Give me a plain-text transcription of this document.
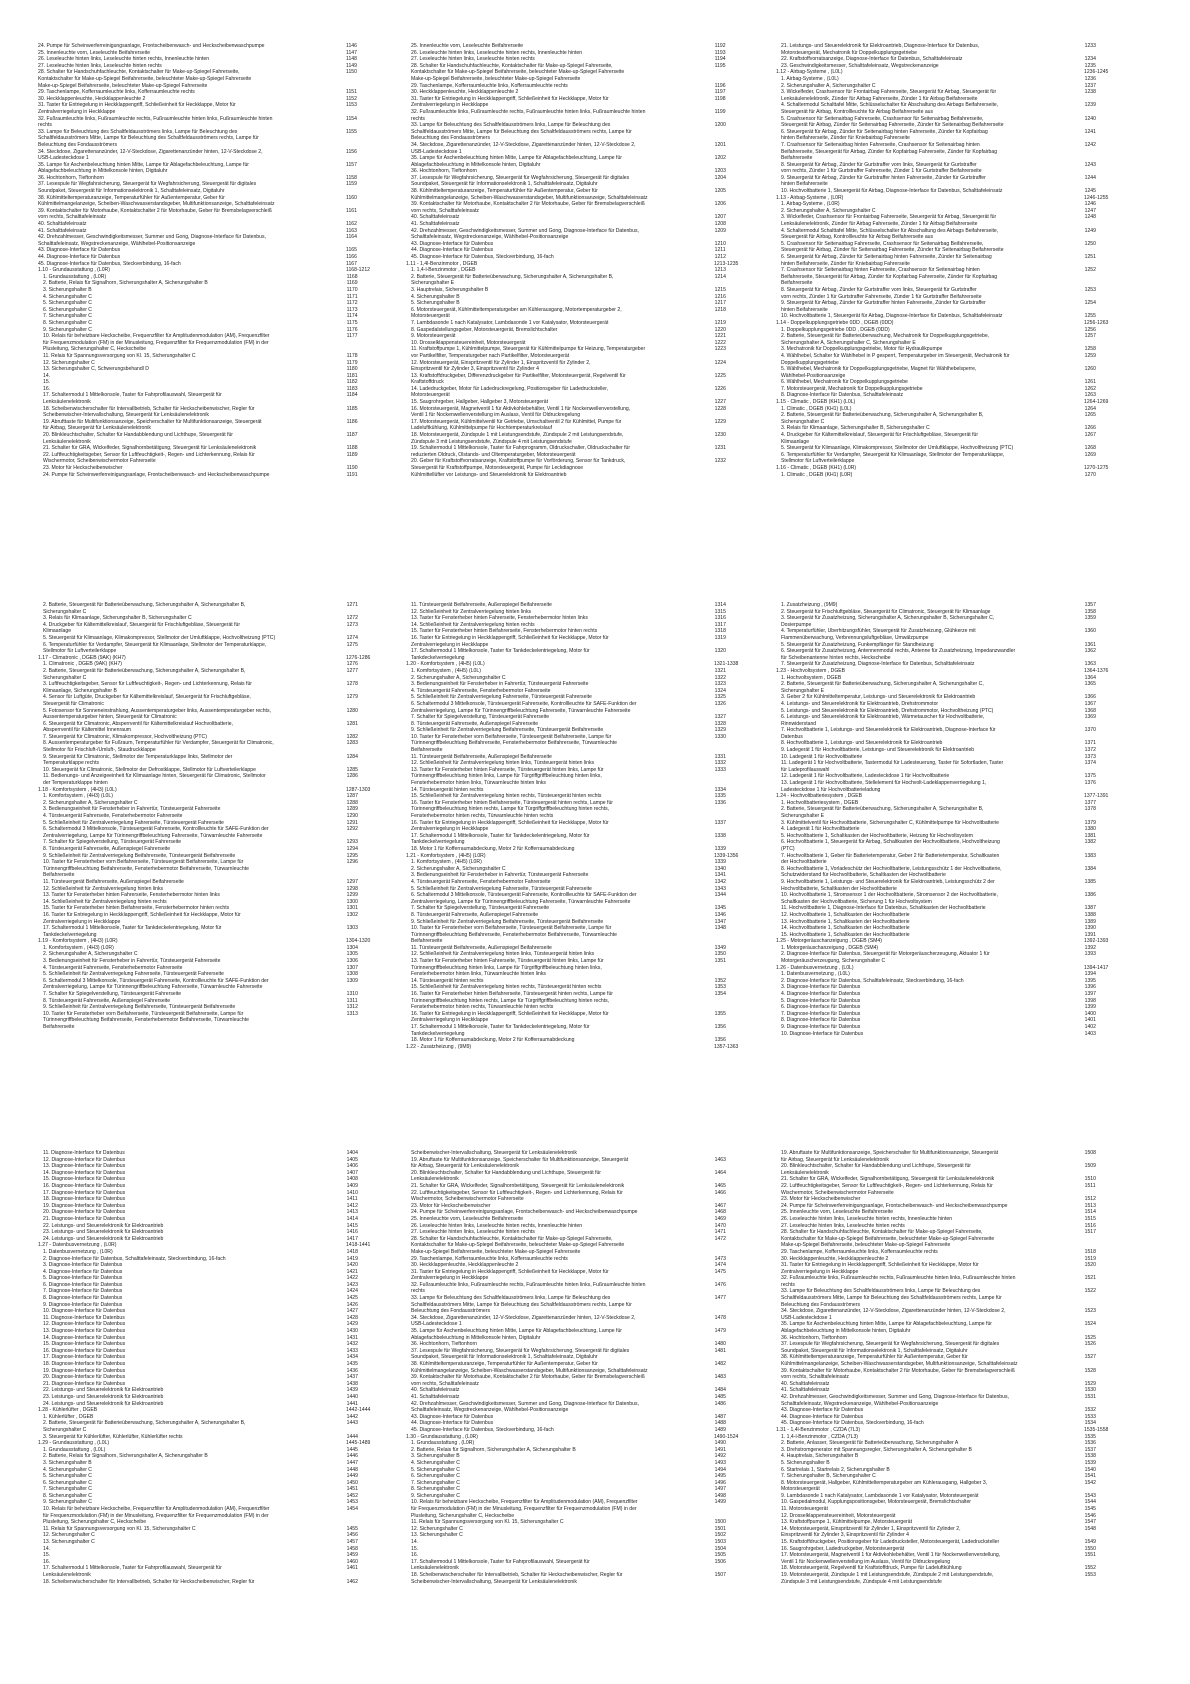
24. Pumpe für Scheinwerferreinigungsanlage, Frontscheibenwasch- und Heckscheibenwaschpumpe	1146
25. Innenleuchte vorn, Leseleuchte Beifahrerseite	1147
26. Leseleuchte hinten links, Leseleuchte hinten rechts, Innenleuchte hinten	1148
27. Leseleuchte hinten links, Leseleuchte hinten rechts	1149
28. Schalter für Handschuhfachleuchte, Kontaktschalter für Make-up-Spiegel Fahrerseite,	1150
Kontaktschalter für Make-up-Spiegel Beifahrerseite, beleuchteter Make-up-Spiegel Fahrerseite
Make-up-Spiegel Beifahrerseite, beleuchteter Make-up-Spiegel Fahrerseite
29. Taschenlampe, Kofferraumleuchte links, Kofferraumleuchte rechts	1151
30. Heckklappenleuchte, Heckklappenleuchte 2	1152
31. Taster für Entriegelung in Heckklappengriff, Schließeinheit für Heckklappe, Motor für	1153
Zentralverriegelung in Heckklappe
32. Fußraumleuchte links, Fußraumleuchte rechts, Fußraumleuchte hinten links, Fußraumleuchte hinten	1154
rechts
33. Lampe für Beleuchtung des Schaltfeldausströmers links, Lampe für Beleuchtung des	1155
Schaltfeldausströmers Mitte, Lampe für Beleuchtung des Schaltfeldausströmers rechts, Lampe für
Beleuchtung des Fondausströmers
34. Steckdose, Zigarettenanzünder, 12-V-Steckdose, Zigarettenanzünder hinten, 12-V-Steckdose 2,	1156
USB-Ladesteckdose 1
35. Lampe für Aschenbeleuchtung hinten Mitte, Lampe für Ablagefachbeleuchtung, Lampe für	1157
Ablagefachbeleuchtung in Mittelkonsole hinten, Digitaluhr
36. Hochtonhorn, Tieftonhorn	1158
37. Lesespule für Wegfahrsicherung, Steuergerät für Wegfahrsicherung, Steuergerät für digitales	1159
Soundpaket, Steuergerät für Informationselektronik 1, Schalttafeleinsatz, Digitaluhr
38. Kühlmitteltemperaturanzeige, Temperaturfühler für Außentemperatur, Geber für	1160
Kühlmittelmangelanzeige, Scheiben-Waschwasserstandsgeber, Multifunktionsanzeige, Schalttafeleinsatz
39. Kontaktschalter für Motorhaube, Kontaktschalter 2 für Motorhaube, Geber für Bremsbelagverschleiß	1161
vorn rechts, Schalttafeleinsatz
40. Schalttafeleinsatz	1162
41. Schalttafeleinsatz	1163
42. Drehzahlmesser, Geschwindigkeitsmesser, Summer und Gong, Diagnose-Interface für Datenbus,	1164
Schalttafeleinsatz, Wegstreckenanzeige, Wählhebel-Positionsanzeige
43. Diagnose-Interface für Datenbus	1165
44. Diagnose-Interface für Datenbus	1166
45. Diagnose-Interface für Datenbus, Steckverbindung, 16-fach	1167
1.10 - Grundausstattung , (L0R)	1168-1212
1. Grundausstattung , (L0R)	1168
2. Batterie, Relais für Signalhorn, Sicherungshalter A, Sicherungshalter B	1169
3. Sicherungshalter B	1170
4. Sicherungshalter C	1171
5. Sicherungshalter C	1172
6. Sicherungshalter C	1173
7. Sicherungshalter C	1174
8. Sicherungshalter C	1175
9. Sicherungshalter C	1176
10. Relais für beheizbare Heckscheibe, Frequenzfilter für Amplitudenmodulation (AM), Frequenzfilter	1177
für Frequenzmodulation (FM) in der Minusleitung, Frequenzfilter für Frequenzmodulation (FM) in der
Plusleitung, Sicherungshalter C, Heckscheibe
11. Relais für Spannungsversorgung von Kl. 15, Sicherungshalter C	1178
12. Sicherungshalter C	1179
13. Sicherungshalter C, Schwerungsbehandl D	1180
14.	1181
15.	1182
16.	1183
17. Schaltermodul 1 Mittelkonsole, Taster für Fahrprofilauswahl, Steuergerät für	1184
Lenksäulenelektronik
18. Scheibenwischerschalter für Intervallbetrieb, Schalter für Heckscheibenwischer, Regler für	1185
Scheibenwischer-Intervallschaltung, Steuergerät für Lenksäulenelektronik
19. Abrufttaste für Multifunktionsanzeige, Speicherschalter für Multifunktionsanzeige, Steuergerät	1186
für Airbag, Steuergerät für Lenksäulenelektronik
20. Blinkleuchtschalter, Schalter für Handabblendung und Lichthupe, Steuergerät für	1187
Lenksäulenelektronik
21. Schalter für GRA, Wickelfeder, Signalhornbetätigung, Steuergerät für Lenksäulenelektronik	1188
22. Luftfeuchtigkeitsgeber, Sensor für Luftfeuchtigkeit-, Regen- und Lichterkennung, Relais für	1189
Wischermotor, Scheibenwischermotor Fahrerseite
23. Motor für Heckscheibenwischer	1190
24. Pumpe für Scheinwerferreinigungsanlage, Frontscheibenwasch- und Heckscheibenwaschpumpe	1191
25. Innenleuchte vorn, Leseleuchte Beifahrerseite	1192
26. Leseleuchte hinten links, Leseleuchte hinten rechts, Innenleuchte hinten	1193
27. Leseleuchte hinten links, Leseleuchte hinten rechts	1194
28. Schalter für Handschuhfachleuchte, Kontaktschalter für Make-up-Spiegel Fahrerseite,	1195
Kontaktschalter für Make-up-Spiegel Beifahrerseite, beleuchteter Make-up-Spiegel Fahrerseite
Make-up-Spiegel Beifahrerseite, beleuchteter Make-up-Spiegel Fahrerseite
29. Taschenlampe, Kofferraumleuchte links, Kofferraumleuchte rechts	1196
30. Heckklappenleuchte, Heckklappenleuchte 2	1197
31. Taster für Entriegelung in Heckklappengriff, Schließeinheit für Heckklappe, Motor für	1198
Zentralverriegelung in Heckklappe
32. Fußraumleuchte links, Fußraumleuchte rechts, Fußraumleuchte hinten links, Fußraumleuchte hinten	1199
rechts
33. Lampe für Beleuchtung des Schaltfeldausströmers links, Lampe für Beleuchtung des	1200
Schaltfeldausströmers Mitte, Lampe für Beleuchtung des Schaltfeldausströmers rechts, Lampe für
Beleuchtung des Fondausströmers
34. Steckdose, Zigarettenanzünder, 12-V-Steckdose, Zigarettenanzünder hinten, 12-V-Steckdose 2,	1201
USB-Ladesteckdose 1
35. Lampe für Aschenbeleuchtung hinten Mitte, Lampe für Ablagefachbeleuchtung, Lampe für	1202
Ablagefachbeleuchtung in Mittelkonsole hinten, Digitaluhr
36. Hochtonhorn, Tieftonhorn	1203
37. Lesespule für Wegfahrsicherung, Steuergerät für Wegfahrsicherung, Steuergerät für digitales	1204
Soundpaket, Steuergerät für Informationselektronik 1, Schalttafeleinsatz, Digitaluhr
38. Kühlmitteltemperaturanzeige, Temperaturfühler für Außentemperatur, Geber für	1205
Kühlmittelmangelanzeige, Scheiben-Waschwasserstandsgeber, Multifunktionsanzeige, Schalttafeleinsatz
39. Kontaktschalter für Motorhaube, Kontaktschalter 2 für Motorhaube, Geber für Bremsbelagverschleiß	1206
vorn rechts, Schalttafeleinsatz
40. Schalttafeleinsatz	1207
41. Schalttafeleinsatz	1208
42. Drehzahlmesser, Geschwindigkeitsmesser, Summer und Gong, Diagnose-Interface für Datenbus,	1209
Schalttafeleinsatz, Wegstreckenanzeige, Wählhebel-Positionsanzeige
43. Diagnose-Interface für Datenbus	1210
44. Diagnose-Interface für Datenbus	1211
45. Diagnose-Interface für Datenbus, Steckverbindung, 16-fach	1212
1.11 - 1,4l-Benzinmotor , DGEB	1213-1235
1. 1,4-l-Benzinmotor , DGEB	1213
2. Batterie, Steuergerät für Batterieüberwachung, Sicherungshalter A, Sicherungshalter B,	1214
Sicherungshalter E
3. Hauptrelais, Sicherungshalter B	1215
4. Sicherungshalter B	1216
5. Sicherungshalter B	1217
6. Motorsteuergerät, Kühlmitteltemperaturgeber am Kühlerausgang, Motortemperaturgeber 2,	1218
Motorsteuergerät
7. Lambdasonde 1 nach Katalysator, Lambdasonde 1 vor Katalysator, Motorsteuergerät	1219
8. Gaspedalstellungsgeber, Motorsteuergerät, Bremslichtschalter	1220
9. Motorsteuergerät	1221
10. Drosselklappensteuereinheit, Motorsteuergerät	1222
11. Kraftstoffpumpe 1, Kühlmittelpumpe, Steuergerät für Kühlmittelpumpe für Heizung, Temperaturgeber	1223
vor Partikelfilter, Temperaturgeber nach Partikelfilter, Motorsteuergerät
12. Motorsteuergerät, Einspritzventil für Zylinder 1, Einspritzventil für Zylinder 2,	1224
Einspritzventil für Zylinder 3, Einspritzventil für Zylinder 4
13. Kraftstoffdruckgeber, Differenzdruckgeber für Partikelfilter, Motorsteuergerät, Regelventil für	1225
Kraftstoffdruck
14. Ladedruckgeber, Motor für Ladedruckregelung, Positionsgeber für Ladedrucksteller,	1226
Motorsteuergerät
15. Saugrohrgeber, Hallgeber, Hallgeber 3, Motorsteuergerät	1227
16. Motorsteuergerät, Magnetventil 1 für Aktivkohlebehälter, Ventil 1 für Nockenwellenverstellung,	1228
Ventil 1 für Nockenwellenverstellung im Auslass, Ventil für Öldruckregelung
17. Motorsteuergerät, Kühlmittelventil für Getriebe, Umschaltventil 2 für Kühlmittel, Pumpe für	1229
Ladeluftkühlung, Kühlmittelpumpe für Hochtemperaturkreislauf
18. Motorsteuergerät, Zündspule 1 mit Leistungsendstufe, Zündspule 2 mit Leistungsendstufe,	1230
Zündspule 3 mit Leistungsendstufe, Zündspule 4 mit Leistungsendstufe
19. Schaltermodul 1 Mittelkonsole, Taster für Fahrprogramm, Öldruckschalter, Öldruckschalter für	1231
reduzierten Öldruck, Ölstands- und Öltemperaturgeber, Motorsteuergerät
20. Geber für Kraftstoffvorratsanzeige, Kraftstoffpumpe für Vorförderung, Sensor für Tankdruck,	1232
Steuergerät für Kraftstoffpumpe, Motorsteuergerät, Pumpe für Leckdiagnose
Kühlmittellüfter vor Leistungs- und Steuerelektronik für Elektroantrieb
21. Leistungs- und Steuerelektronik für Elektroantrieb, Diagnose-Interface für Datenbus,	1233
Motorsteuergerät, Mechatronik für Doppelkupplungsgetriebe
22. Kraftstoffvorratsanzeige, Diagnose-Interface für Datenbus, Schalttafeleinsatz	1234
23. Geschwindigkeitsmesser, Schalttafeleinsatz, Wegstreckenanzeige	1235
1.12 - Airbag-Systeme , (L0L)	1236-1245
1. Airbag-Systeme , (L0L)	1236
2. Sicherungshalter A, Sicherungshalter C	1237
3. Wickelfeder, Crashsensor für Frontairbag Fahrerseite, Steuergerät für Airbag, Steuergerät für	1238
Lenksäulenelektronik, Zünder für Airbag Fahrerseite, Zünder 1 für Airbag Beifahrerseite
4. Schaltermodul Schalttafel Mitte, Schlüsselschalter für Abschaltung des Airbags Beifahrerseite,	1239
Steuergerät für Airbag, Kontrollleuchte für Airbag Beifahrerseite aus
5. Crashsensor für Seitenairbag Fahrerseite, Crashsensor für Seitenairbag Beifahrerseite,	1240
Steuergerät für Airbag, Zünder für Seitenairbag Fahrerseite, Zünder für Seitenairbag Beifahrerseite
6. Steuergerät für Airbag, Zünder für Seitenairbag hinten Fahrerseite, Zünder für Kopfairbag	1241
hinten Beifahrerseite, Zünder für Kniebairbag Fahrerseite
7. Crashsensor für Seitenairbag hinten Fahrerseite, Crashsensor für Seitenairbag hinten	1242
Beifahrerseite, Steuergerät für Airbag, Zünder für Kopfairbag Fahrerseite, Zünder für Kopfairbag
Beifahrerseite
8. Steuergerät für Airbag, Zünder für Gurtstraffer vorn links, Steuergerät für Gurtstraffer	1243
vorn rechts, Zünder 1 für Gurtstraffer Fahrerseite, Zünder 1 für Gurtstraffer Beifahrerseite
9. Steuergerät für Airbag, Zünder für Gurtstraffer hinten Fahrerseite, Zünder für Gurtstraffer	1244
hinten Beifahrerseite
10. Hochvoltbatterie 1, Steuergerät für Airbag, Diagnose-Interface für Datenbus, Schalttafeleinsatz	1245
1.13 - Airbag-Systeme , (L0R)	1246-1255
1. Airbag-Systeme , (L0R)	1246
2. Sicherungshalter A, Sicherungshalter C	1247
3. Wickelfeder, Crashsensor für Frontairbag Fahrerseite, Steuergerät für Airbag, Steuergerät für	1248
Lenksäulenelektronik, Zünder für Airbag Fahrerseite, Zünder 1 für Airbag Beifahrerseite
4. Schaltermodul Schalttafel Mitte, Schlüsselschalter für Abschaltung des Airbags Beifahrerseite,	1249
Steuergerät für Airbag, Kontrollleuchte für Airbag Beifahrerseite aus
5. Crashsensor für Seitenairbag Fahrerseite, Crashsensor für Seitenairbag Beifahrerseite,	1250
Steuergerät für Airbag, Zünder für Seitenairbag Fahrerseite, Zünder für Seitenairbag Beifahrerseite
6. Steuergerät für Airbag, Zünder für Seitenairbag hinten Fahrerseite, Zünder für Seitenairbag	1251
hinten Beifahrerseite, Zünder für Kniebairbag Fahrerseite
7. Crashsensor für Seitenairbag hinten Fahrerseite, Crashsensor für Seitenairbag hinten	1252
Beifahrerseite, Steuergerät für Airbag, Zünder für Kopfairbag Fahrerseite, Zünder für Kopfairbag
Beifahrerseite
8. Steuergerät für Airbag, Zünder für Gurtstraffer vorn links, Steuergerät für Gurtstraffer	1253
vorn rechts, Zünder 1 für Gurtstraffer Fahrerseite, Zünder 1 für Gurtstraffer Beifahrerseite
9. Steuergerät für Airbag, Zünder für Gurtstraffer hinten Fahrerseite, Zünder für Gurtstraffer	1254
hinten Beifahrerseite
10. Hochvoltbatterie 1, Steuergerät für Airbag, Diagnose-Interface für Datenbus, Schalttafeleinsatz	1255
1.14 - Doppelkupplungsgetriebe 0DD , DGEB (0DD)	1256-1263
1. Doppelkupplungsgetriebe 0DD , DGEB (0DD)	1256
2. Batterie, Steuergerät für Batterieüberwachung, Mechatronik für Doppelkupplungsgetriebe,	1257
Sicherungshalter A, Sicherungshalter C, Sicherungshalter E
3. Mechatronik für Doppelkupplungsgetriebe, Motor für Hydraulikpumpe	1258
4. Wählhebel, Schalter für Wählhebel in P gesperrt, Temperaturgeber im Steuergerät, Mechatronik für	1259
Doppelkupplungsgetriebe
5. Wählhebel, Mechatronik für Doppelkupplungsgetriebe, Magnet für Wählhebelsperre,	1260
Wählhebel-Positionsanzeige
6. Wählhebel, Mechatronik für Doppelkupplungsgetriebe	1261
7. Motorsteuergerät, Mechatronik für Doppelkupplungsgetriebe	1262
8. Diagnose-Interface für Datenbus, Schalttafeleinsatz	1263
1.15 - Climatic , DGEB (KH1) (L0L)	1264-1269
1. Climatic , DGEB (KH1) (L0L)	1264
2. Batterie, Steuergerät für Batterieüberwachung, Sicherungshalter A, Sicherungshalter B,	1265
Sicherungshalter C
3. Relais für Klimaanlage, Sicherungshalter B, Sicherungshalter C	1266
4. Druckgeber für Kältemittelkreislauf, Steuergerät für Frischluftgebläse, Steuergerät für	1267
Klimaanlage
5. Steuergerät für Klimaanlage, Klimakompressor, Stellmotor der Umluftklappe, Hochvoltheizung (PTC)	1268
6. Temperaturfühler für Verdampfer, Steuergerät für Klimaanlage, Stellmotor der Temperaturklappe,	1269
Stellmotor für Luftverteilerklappe
1.16 - Climatic , DGEB (KH1) (L0R)	1270-1275
1. Climatic , DGEB (KH1) (L0R)	1270
2. Batterie, Steuergerät für Batterieüberwachung, Sicherungshalter A, Sicherungshalter B,	1271
Sicherungshalter C
3. Relais für Klimaanlage, Sicherungshalter B, Sicherungshalter C	1272
4. Druckgeber für Kältemittelkreislauf, Steuergerät für Frischluftgebläse, Steuergerät für	1273
Klimaanlage
5. Steuergerät für Klimaanlage, Klimakompressor, Stellmotor der Umluftklappe, Hochvoltheizung (PTC)	1274
6. Temperaturfühler für Verdampfer, Steuergerät für Klimaanlage, Stellmotor der Temperaturklappe,	1275
Stellmotor für Luftverteilerklappe
1.17 - Climatronic , DGEB (9AK) (KH7)	1276-1286
1. Climatronic , DGEB (9AK) (KH7)	1276
2. Batterie, Steuergerät für Batterieüberwachung, Sicherungshalter A, Sicherungshalter B,	1277
Sicherungshalter C
3. Luftfeuchtigkeitsgeber, Sensor für Luftfeuchtigkeit-, Regen- und Lichterkennung, Relais für	1278
Klimaanlage, Sicherungshalter B
4. Sensor für Luftgüte, Druckgeber für Kältemittelkreislauf, Steuergerät für Frischluftgebläse,	1279
Steuergerät für Climatronic
5. Fotosensor für Sonneneinstrahlung, Aussentemperaturgeber links, Aussentemperaturgeber rechts,	1280
Aussentemperaturgeber hinten, Steuergerät für Climatronic
6. Steuergerät für Climatronic, Absperrventil für Kältemittelkreislauf Hochvoltbatterie,	1281
Absperrventil für Kältemittel Innenraum
7. Steuergerät für Climatronic, Klimakompressor, Hochvoltheizung (PTC)	1282
8. Aussentemperaturgeber für Fußraum, Temperaturfühler für Verdampfer, Steuergerät für Climatronic,	1283
Stellmotor für Frischluft-/Umluft-, Staudruckklappe
9. Steuergerät für Climatronic, Stellmotor der Temperaturklappe links, Stellmotor der	1284
Temperaturklappe rechts
10. Steuergerät für Climatronic, Stellmotor der Defrostklappe, Stellmotor für Luftverteilerklappe	1285
11. Bedienungs- und Anzeigeeinheit für Klimaanlage hinten, Steuergerät für Climatronic, Stellmotor	1286
der Temperaturklappe hinten
1.18 - Komfortsystem , (4H3) (L0L)	1287-1303
1. Komfortsystem , (4H3) (L0L)	1287
2. Sicherungshalter A, Sicherungshalter C	1288
3. Bedienungseinheit für Fensterheber in Fahrertür, Türsteuergerät Fahrerseite	1289
4. Türsteuergerät Fahrerseite, Fensterhebermotor Fahrerseite	1290
5. Schließeinheit für Zentralverriegelung Fahrerseite, Türsteuergerät Fahrerseite	1291
6. Schaltermodul 3 Mittelkonsole, Türsteuergerät Fahrerseite, Kontrollleuchte für SAFE-Funktion der	1292
Zentralverriegelung, Lampe für Türinnengriffbeleuchtung Fahrerseite, Türwarnleuchte Fahrerseite
7. Schalter für Spiegelverstellung, Türsteuergerät Fahrerseite	1293
8. Türsteuergerät Fahrerseite, Außenspiegel Fahrerseite	1294
9. Schließeinheit für Zentralverriegelung Beifahrerseite, Türsteuergerät Beifahrerseite	1295
10. Taster für Fensterheber vorn Beifahrerseite, Türsteuergerät Beifahrerseite, Lampe für	1296
Türinnengriffbeleuchtung Beifahrerseite, Fensterhebermotor Beifahrerseite, Türwarnleuchte
Beifahrerseite
11. Türsteuergerät Beifahrerseite, Außenspiegel Beifahrerseite	1297
12. Schließeinheit für Zentralverriegelung hinten links	1298
13. Taster für Fensterheber hinten Fahrerseite, Fensterhebermotor hinten links	1299
14. Schließeinheit für Zentralverriegelung hinten rechts	1300
15. Taster für Fensterheber hinten Beifahrerseite, Fensterhebermotor hinten rechts	1301
16. Taster für Entriegelung in Heckklappengriff, Schließeinheit für Heckklappe, Motor für	1302
Zentralverriegelung in Heckklappe
17. Schaltermodul 1 Mittelkonsole, Taster für Tankdeckelentriegelung, Motor für	1303
Tankdeckelverriegelung
1.19 - Komfortsystem , (4H3) (L0R)	1304-1320
1. Komfortsystem , (4H3) (L0R)	1304
2. Sicherungshalter A, Sicherungshalter C	1305
3. Bedienungseinheit für Fensterheber in Fahrertür, Türsteuergerät Fahrerseite	1306
4. Türsteuergerät Fahrerseite, Fensterhebermotor Fahrerseite	1307
5. Schließeinheit für Zentralverriegelung Fahrerseite, Türsteuergerät Fahrerseite	1308
6. Schaltermodul 3 Mittelkonsole, Türsteuergerät Fahrerseite, Kontrollleuchte für SAFE-Funktion der	1309
Zentralverriegelung, Lampe für Türinnengriffbeleuchtung Fahrerseite, Türwarnleuchte Fahrerseite
7. Schalter für Spiegelverstellung, Türsteuergerät Fahrerseite	1310
8. Türsteuergerät Fahrerseite, Außenspiegel Fahrerseite	1311
9. Schließeinheit für Zentralverriegelung Beifahrerseite, Türsteuergerät Beifahrerseite	1312
10. Taster für Fensterheber vorn Beifahrerseite, Türsteuergerät Beifahrerseite, Lampe für	1313
Türinnengriffbeleuchtung Beifahrerseite, Fensterhebermotor Beifahrerseite, Türwarnleuchte
Beifahrerseite
11. Türsteuergerät Beifahrerseite, Außenspiegel Beifahrerseite	1314
12. Schließeinheit für Zentralverriegelung hinten links	1315
13. Taster für Fensterheber hinten Fahrerseite, Fensterhebermotor hinten links	1316
14. Schließeinheit für Zentralverriegelung hinten rechts	1317
15. Taster für Fensterheber hinten Beifahrerseite, Fensterhebermotor hinten rechts	1318
16. Taster für Entriegelung in Heckklappengriff, Schließeinheit für Heckklappe, Motor für	1319
Zentralverriegelung in Heckklappe
17. Schaltermodul 1 Mittelkonsole, Taster für Tankdeckelentriegelung, Motor für	1320
Tankdeckelverriegelung
1.20 - Komfortsystem , (4H5) (L0L)	1321-1338
1. Komfortsystem , (4H5) (L0L)	1321
2. Sicherungshalter A, Sicherungshalter C	1322
3. Bedienungseinheit für Fensterheber in Fahrertür, Türsteuergerät Fahrerseite	1323
4. Türsteuergerät Fahrerseite, Fensterhebermotor Fahrerseite	1324
5. Schließeinheit für Zentralverriegelung Fahrerseite, Türsteuergerät Fahrerseite	1325
6. Schaltermodul 3 Mittelkonsole, Türsteuergerät Fahrerseite, Kontrollleuchte für SAFE-Funktion der	1326
Zentralverriegelung, Lampe für Türinnengriffbeleuchtung Fahrerseite, Türwarnleuchte Fahrerseite
7. Schalter für Spiegelverstellung, Türsteuergerät Fahrerseite	1327
8. Türsteuergerät Fahrerseite, Außenspiegel Fahrerseite	1328
9. Schließeinheit für Zentralverriegelung Beifahrerseite, Türsteuergerät Beifahrerseite	1329
10. Taster für Fensterheber vorn Beifahrerseite, Türsteuergerät Beifahrerseite, Lampe für	1330
Türinnengriffbeleuchtung Beifahrerseite, Fensterhebermotor Beifahrerseite, Türwarnleuchte
Beifahrerseite
11. Türsteuergerät Beifahrerseite, Außenspiegel Beifahrerseite	1331
12. Schließeinheit für Zentralverriegelung hinten links, Türsteuergerät hinten links	1332
13. Taster für Fensterheber hinten Fahrerseite, Türsteuergerät hinten links, Lampe für	1333
Türinnengriffbeleuchtung hinten links, Lampe für Türgriffgriffbeleuchtung hinten links,
Fensterhebermotor hinten links, Türwarnleuchte hinten links
14. Türsteuergerät hinten rechts	1334
15. Schließeinheit für Zentralverriegelung hinten rechts, Türsteuergerät hinten rechts	1335
16. Taster für Fensterheber hinten Beifahrerseite, Türsteuergerät hinten rechts, Lampe für	1336
Türinnengriffbeleuchtung hinten rechts, Lampe für Türgriffgriffbeleuchtung hinten rechts,
Fensterhebermotor hinten rechts, Türwarnleuchte hinten rechts
16. Taster für Entriegelung in Heckklappengriff, Schließeinheit für Heckklappe, Motor für	1337
Zentralverriegelung in Heckklappe
17. Schaltermodul 1 Mittelkonsole, Taster für Tankdeckelentriegelung, Motor für	1338
Tankdeckelverriegelung
18. Motor 1 für Kofferraumabdeckung, Motor 2 für Kofferraumabdeckung	1339
1.21 - Komfortsystem , (4H5) (L0R)	1339-1356
1. Komfortsystem , (4H5) (L0R)	1339
2. Sicherungshalter A, Sicherungshalter C	1340
3. Bedienungseinheit für Fensterheber in Fahrertür, Türsteuergerät Fahrerseite	1341
4. Türsteuergerät Fahrerseite, Fensterhebermotor Fahrerseite	1342
5. Schließeinheit für Zentralverriegelung Fahrerseite, Türsteuergerät Fahrerseite	1343
6. Schaltermodul 3 Mittelkonsole, Türsteuergerät Fahrerseite, Kontrollleuchte für SAFE-Funktion der	1344
Zentralverriegelung, Lampe für Türinnengriffbeleuchtung Fahrerseite, Türwarnleuchte Fahrerseite
7. Schalter für Spiegelverstellung, Türsteuergerät Fahrerseite	1345
8. Türsteuergerät Fahrerseite, Außenspiegel Fahrerseite	1346
9. Schließeinheit für Zentralverriegelung Beifahrerseite, Türsteuergerät Beifahrerseite	1347
10. Taster für Fensterheber vorn Beifahrerseite, Türsteuergerät Beifahrerseite, Lampe für	1348
Türinnengriffbeleuchtung Beifahrerseite, Fensterhebermotor Beifahrerseite, Türwarnleuchte
Beifahrerseite
11. Türsteuergerät Beifahrerseite, Außenspiegel Beifahrerseite	1349
12. Schließeinheit für Zentralverriegelung hinten links, Türsteuergerät hinten links	1350
13. Taster für Fensterheber hinten Fahrerseite, Türsteuergerät hinten links, Lampe für	1351
Türinnengriffbeleuchtung hinten links, Lampe für Türgriffgriffbeleuchtung hinten links,
Fensterhebermotor hinten links, Türwarnleuchte hinten links
14. Türsteuergerät hinten rechts	1352
15. Schließeinheit für Zentralverriegelung hinten rechts, Türsteuergerät hinten rechts	1353
16. Taster für Fensterheber hinten Beifahrerseite, Türsteuergerät hinten rechts, Lampe für	1354
Türinnengriffbeleuchtung hinten rechts, Lampe für Türgriffgriffbeleuchtung hinten rechts,
Fensterhebermotor hinten rechts, Türwarnleuchte hinten rechts
16. Taster für Entriegelung in Heckklappengriff, Schließeinheit für Heckklappe, Motor für	1355
Zentralverriegelung in Heckklappe
17. Schaltermodul 1 Mittelkonsole, Taster für Tankdeckelentriegelung, Motor für	1356
Tankdeckelverriegelung
18. Motor 1 für Kofferraumabdeckung, Motor 2 für Kofferraumabdeckung	1356
1.22 - Zusatzheizung , (9M9)	1357-1363
1. Zusatzheizung , (9M9)	1357
2. Steuergerät für Frischluftgebläse, Steuergerät für Climatronic, Steuergerät für Klimaanlage	1358
3. Steuergerät für Zusatzheizung, Sicherungshalter A, Sicherungshalter B, Sicherungshalter C,	1359
Dosierpumpe
4. Temperaturfühler, Überhitzungsfühler, Steuergerät für Zusatzheizung, Glühkerze mit	1360
Flammenüberwachung, Verbrennungsluftgebläse, Umwälzpumpe
5. Steuergerät für Zusatzheizung, Funkempfänger für Standheizung	1361
6. Steuergerät für Zusatzheizung, Antennenmodul rechts, Antenne für Zusatzheizung, Impedanzwandler	1362
für Scheibenantenne hinten rechts, Heckscheibe
7. Steuergerät für Zusatzheizung, Diagnose-Interface für Datenbus, Schalttafeleinsatz	1363
1.23 - Hochvoltsystem , DGEB	1364-1376
1. Hochvoltsystem , DGEB	1364
2. Batterie, Steuergerät für Batterieüberwachung, Sicherungshalter A, Sicherungshalter C,	1365
Sicherungshalter E
3. Geber 2 für Kühlmitteltemperatur, Leistungs- und Steuerelektronik für Elektroantrieb	1366
4. Leistungs- und Steuerelektronik für Elektroantrieb, Drehstrommotor	1367
5. Leistungs- und Steuerelektronik für Elektroantrieb, Drehstrommotor, Hochvoltheizung (PTC)	1368
6. Leistungs- und Steuerelektronik für Elektroantrieb, Wärmetauscher für Hochvoltbatterie,	1369
Rinnwiderstand
7. Hochvoltbatterie 1, Leistungs- und Steuerelektronik für Elektroantrieb, Diagnose-Interface für	1370
Datenbus
8. Hochvoltbatterie 1, Leistungs- und Steuerelektronik für Elektroantrieb	1371
9. Ladegerät 1 für Hochvoltbatterie, Leistungs- und Steuerelektronik für Elektroantrieb	1372
10. Ladegerät 1 für Hochvoltbatterie	1373
11. Ladegerät 1 für Hochvoltbatterie, Tastermodul für Ladesteuerung, Taster für Sofortladen, Taster	1374
für Ladeprofilauswahl
12. Ladegerät 1 für Hochvoltbatterie, Ladesteckdose 1 für Hochvoltbatterie	1375
13. Ladegerät 1 für Hochvoltbatterie, Stellelement für Hochvolt-Ladeklappenverriegelung 1,	1376
Ladesteckdose 1 für Hochvoltbatterieladung
1.24 - Hochvoltbatteriesystem , DGEB	1377-1391
1. Hochvoltbatteriesystem , DGEB	1377
2. Batterie, Steuergerät für Batterieüberwachung, Sicherungshalter A, Sicherungshalter B,	1378
Sicherungshalter E
3. Kühlmittelventil für Hochvoltbatterie, Sicherungshalter C, Kühlmittelpumpe für Hochvoltbatterie	1379
4. Ladegerät 1 für Hochvoltbatterie	1380
5. Hochvoltbatterie 1, Schaltkasten der Hochvoltbatterie, Heizung für Hochvoltsystem	1381
6. Hochvoltbatterie 1, Steuergerät für Airbag, Schaltkasten der Hochvoltbatterie, Hochvoltheizung	1382
(PTC)
7. Hochvoltbatterie 1, Geber für Batterietemperatur, Geber 2 für Batterietemperatur, Schaltkasten	1383
der Hochvoltbatterie
8. Hochvoltbatterie 1, Vorladeschütz der Hochvoltbatterie, Leistungsschütz 1 der Hochvoltbatterie,	1384
Schutzwiderstand für Hochvoltbatterie, Schaltkasten der Hochvoltbatterie
9. Hochvoltbatterie 1, Leistungs- und Steuerelektronik für Elektroantrieb, Leistungsschütz 2 der	1385
Hochvoltbatterie, Schaltkasten der Hochvoltbatterie
10. Hochvoltbatterie 1, Stromsensor 1 der Hochvoltbatterie, Stromsensor 2 der Hochvoltbatterie,	1386
Schaltkasten der Hochvoltbatterie, Sicherung 1 für Hochvoltsystem
11. Hochvoltbatterie 1, Diagnose-Interface für Datenbus, Schaltkasten der Hochvoltbatterie	1387
12. Hochvoltbatterie 1, Schaltkasten der Hochvoltbatterie	1388
13. Hochvoltbatterie 1, Schaltkasten der Hochvoltbatterie	1389
14. Hochvoltbatterie 1, Schaltkasten der Hochvoltbatterie	1390
15. Hochvoltbatterie 1, Schaltkasten der Hochvoltbatterie	1391
1.25 - Motorgeräuschanzeigung , DGEB (SM4)	1392-1393
1. Motorgeräuschanzeigung , DGEB (SM4)	1392
2. Diagnose-Interface für Datenbus, Steuergerät für Motorgeräuscherzeugung, Aktuator 1 für	1393
Motorgeräuscherzeugung, Sicherungshalter C
1.26 - Datenbusvernetzung , (L0L)	1394-1417
1. Datenbusvernetzung , (L0L)	1394
2. Diagnose-Interface für Datenbus, Schalttafeleinsatz, Steckverbindung, 16-fach	1395
3. Diagnose-Interface für Datenbus	1396
4. Diagnose-Interface für Datenbus	1397
5. Diagnose-Interface für Datenbus	1398
6. Diagnose-Interface für Datenbus	1399
7. Diagnose-Interface für Datenbus	1400
8. Diagnose-Interface für Datenbus	1401
9. Diagnose-Interface für Datenbus	1402
10. Diagnose-Interface für Datenbus	1403
11. Diagnose-Interface für Datenbus	1404
12. Diagnose-Interface für Datenbus	1405
13. Diagnose-Interface für Datenbus	1406
14. Diagnose-Interface für Datenbus	1407
15. Diagnose-Interface für Datenbus	1408
16. Diagnose-Interface für Datenbus	1409
17. Diagnose-Interface für Datenbus	1410
18. Diagnose-Interface für Datenbus	1411
19. Diagnose-Interface für Datenbus	1412
20. Diagnose-Interface für Datenbus	1413
21. Diagnose-Interface für Datenbus	1414
22. Leistungs- und Steuerelektronik für Elektroantrieb	1415
23. Leistungs- und Steuerelektronik für Elektroantrieb	1416
24. Leistungs- und Steuerelektronik für Elektroantrieb	1417
1.27 - Datenbusvernetzung , (L0R)	1418-1441
1. Datenbusvernetzung , (L0R)	1418
2. Diagnose-Interface für Datenbus, Schalttafeleinsatz, Steckverbindung, 16-fach	1419
3. Diagnose-Interface für Datenbus	1420
4. Diagnose-Interface für Datenbus	1421
5. Diagnose-Interface für Datenbus	1422
6. Diagnose-Interface für Datenbus	1423
7. Diagnose-Interface für Datenbus	1424
8. Diagnose-Interface für Datenbus	1425
9. Diagnose-Interface für Datenbus	1426
10. Diagnose-Interface für Datenbus	1427
11. Diagnose-Interface für Datenbus	1428
12. Diagnose-Interface für Datenbus	1429
13. Diagnose-Interface für Datenbus	1430
14. Diagnose-Interface für Datenbus	1431
15. Diagnose-Interface für Datenbus	1432
16. Diagnose-Interface für Datenbus	1433
17. Diagnose-Interface für Datenbus	1434
18. Diagnose-Interface für Datenbus	1435
19. Diagnose-Interface für Datenbus	1436
20. Diagnose-Interface für Datenbus	1437
21. Diagnose-Interface für Datenbus	1438
22. Leistungs- und Steuerelektronik für Elektroantrieb	1439
23. Leistungs- und Steuerelektronik für Elektroantrieb	1440
24. Leistungs- und Steuerelektronik für Elektroantrieb	1441
1.28 - Kühlerlüfter , DGEB	1442-1444
1. Kühlerlüfter , DGEB	1442
2. Batterie, Steuergerät für Batterieüberwachung, Sicherungshalter A, Sicherungshalter B,	1443
Sicherungshalter C
3. Steuergerät für Kühlerlüfter, Kühlerlüfter, Kühlerlüfter rechts	1444
1.29 - Grundausstattung , (L0L)	1445-1489
1. Grundausstattung , (L0L)	1445
2. Batterie, Relais für Signalhorn, Sicherungshalter A, Sicherungshalter B	1446
3. Sicherungshalter B	1447
4. Sicherungshalter C	1448
5. Sicherungshalter C	1449
6. Sicherungshalter C	1450
7. Sicherungshalter C	1451
8. Sicherungshalter C	1452
9. Sicherungshalter C	1453
10. Relais für beheizbare Heckscheibe, Frequenzfilter für Amplitudenmodulation (AM), Frequenzfilter	1454
für Frequenzmodulation (FM) in der Minusleitung, Frequenzfilter für Frequenzmodulation (FM) in der
Plusleitung, Sicherungshalter C, Heckscheibe
11. Relais für Spannungsversorgung von Kl. 15, Sicherungshalter C	1455
12. Sicherungshalter C	1456
13. Sicherungshalter C	1457
14.	1458
15.	1459
16.	1460
17. Schaltermodul 1 Mittelkonsole, Taster für Fahrprofilauswahl, Steuergerät für	1461
Lenksäulenelektronik
18. Scheibenwischerschalter für Intervallbetrieb, Schalter für Heckscheibenwischer, Regler für	1462
Scheibenwischer-Intervallschaltung, Steuergerät für Lenksäulenelektronik
19. Abruftaste für Multifunktionsanzeige, Speicherschalter für Multifunktionsanzeige, Steuergerät	1463
für Airbag, Steuergerät für Lenksäulenelektronik
20. Blinkleuchtschalter, Schalter für Handabblendung und Lichthupe, Steuergerät für	1464
Lenksäulenelektronik
21. Schalter für GRA, Wickelfeder, Signalhornbetätigung, Steuergerät für Lenksäulenelektronik	1465
22. Luftfeuchtigkeitsgeber, Sensor für Luftfeuchtigkeit-, Regen- und Lichterkennung, Relais für	1466
Wischermotor, Scheibenwischermotor Fahrerseite
23. Motor für Heckscheibenwischer	1467
24. Pumpe für Scheinwerferreinigungsanlage, Frontscheibenwasch- und Heckscheibenwaschpumpe	1468
25. Innenleuchte vorn, Leseleuchte Beifahrerseite	1469
26. Leseleuchte hinten links, Leseleuchte hinten rechts, Innenleuchte hinten	1470
27. Leseleuchte hinten links, Leseleuchte hinten rechts	1471
28. Schalter für Handschuhfachleuchte, Kontaktschalter für Make-up-Spiegel Fahrerseite,	1472
Kontaktschalter für Make-up-Spiegel Beifahrerseite, beleuchteter Make-up-Spiegel Fahrerseite
Make-up-Spiegel Beifahrerseite, beleuchteter Make-up-Spiegel Fahrerseite
29. Taschenlampe, Kofferraumleuchte links, Kofferraumleuchte rechts	1473
30. Heckklappenleuchte, Heckklappenleuchte 2	1474
31. Taster für Entriegelung in Heckklappengriff, Schließeinheit für Heckklappe, Motor für	1475
Zentralverriegelung in Heckklappe
32. Fußraumleuchte links, Fußraumleuchte rechts, Fußraumleuchte hinten links, Fußraumleuchte hinten	1476
rechts
33. Lampe für Beleuchtung des Schaltfeldausströmers links, Lampe für Beleuchtung des	1477
Schaltfeldausströmers Mitte, Lampe für Beleuchtung des Schaltfeldausströmers rechts, Lampe für
Beleuchtung des Fondausströmers
34. Steckdose, Zigarettenanzünder, 12-V-Steckdose, Zigarettenanzünder hinten, 12-V-Steckdose 2,	1478
USB-Ladesteckdose 1
35. Lampe für Aschenbeleuchtung hinten Mitte, Lampe für Ablagefachbeleuchtung, Lampe für	1479
Ablagefachbeleuchtung in Mittelkonsole hinten, Digitaluhr
36. Hochtonhorn, Tieftonhorn	1480
37. Lesespule für Wegfahrsicherung, Steuergerät für Wegfahrsicherung, Steuergerät für digitales	1481
Soundpaket, Steuergerät für Informationselektronik 1, Schalttafeleinsatz, Digitaluhr
38. Kühlmitteltemperaturanzeige, Temperaturfühler für Außentemperatur, Geber für	1482
Kühlmittelmangelanzeige, Scheiben-Waschwasserstandsgeber, Multifunktionsanzeige, Schalttafeleinsatz
39. Kontaktschalter für Motorhaube, Kontaktschalter 2 für Motorhaube, Geber für Bremsbelagverschleiß	1483
vorn rechts, Schalttafeleinsatz
40. Schalttafeleinsatz	1484
41. Schalttafeleinsatz	1485
42. Drehzahlmesser, Geschwindigkeitsmesser, Summer und Gong, Diagnose-Interface für Datenbus,	1486
Schalttafeleinsatz, Wegstreckenanzeige, Wählhebel-Positionsanzeige
43. Diagnose-Interface für Datenbus	1487
44. Diagnose-Interface für Datenbus	1488
45. Diagnose-Interface für Datenbus, Steckverbindung, 16-fach	1489
1.30 - Grundausstattung , (L0R)	1490-1524
1. Grundausstattung , (L0R)	1490
2. Batterie, Relais für Signalhorn, Sicherungshalter A, Sicherungshalter B	1491
3. Sicherungshalter B	1492
4. Sicherungshalter C	1493
5. Sicherungshalter C	1494
6. Sicherungshalter C	1495
7. Sicherungshalter C	1496
8. Sicherungshalter C	1497
9. Sicherungshalter C	1498
10. Relais für beheizbare Heckscheibe, Frequenzfilter für Amplitudenmodulation (AM), Frequenzfilter	1499
für Frequenzmodulation (FM) in der Minusleitung, Frequenzfilter für Frequenzmodulation (FM) in der
Plusleitung, Sicherungshalter C, Heckscheibe
11. Relais für Spannungsversorgung von Kl. 15, Sicherungshalter C	1500
12. Sicherungshalter C	1501
13. Sicherungshalter C	1502
14.	1503
15.	1504
16.	1505
17. Schaltermodul 1 Mittelkonsole, Taster für Fahrprofilauswahl, Steuergerät für	1506
Lenksäulenelektronik
18. Scheibenwischerschalter für Intervallbetrieb, Schalter für Heckscheibenwischer, Regler für	1507
Scheibenwischer-Intervallschaltung, Steuergerät für Lenksäulenelektronik
19. Abruftaste für Multifunktionsanzeige, Speicherschalter für Multifunktionsanzeige, Steuergerät	1508
für Airbag, Steuergerät für Lenksäulenelektronik
20. Blinkleuchtschalter, Schalter für Handabblendung und Lichthupe, Steuergerät für	1509
Lenksäulenelektronik
21. Schalter für GRA, Wickelfeder, Signalhornbetätigung, Steuergerät für Lenksäulenelektronik	1510
22. Luftfeuchtigkeitsgeber, Sensor für Luftfeuchtigkeit-, Regen- und Lichterkennung, Relais für	1511
Wischermotor, Scheibenwischermotor Fahrerseite
23. Motor für Heckscheibenwischer	1512
24. Pumpe für Scheinwerferreinigungsanlage, Frontscheibenwasch- und Heckscheibenwaschpumpe	1513
25. Innenleuchte vorn, Leseleuchte Beifahrerseite	1514
26. Leseleuchte hinten links, Leseleuchte hinten rechts, Innenleuchte hinten	1515
27. Leseleuchte hinten links, Leseleuchte hinten rechts	1516
28. Schalter für Handschuhfachleuchte, Kontaktschalter für Make-up-Spiegel Fahrerseite,	1517
Kontaktschalter für Make-up-Spiegel Beifahrerseite, beleuchteter Make-up-Spiegel Fahrerseite
Make-up-Spiegel Beifahrerseite, beleuchteter Make-up-Spiegel Fahrerseite
29. Taschenlampe, Kofferraumleuchte links, Kofferraumleuchte rechts	1518
30. Heckklappenleuchte, Heckklappenleuchte 2	1519
31. Taster für Entriegelung in Heckklappengriff, Schließeinheit für Heckklappe, Motor für	1520
Zentralverriegelung in Heckklappe
32. Fußraumleuchte links, Fußraumleuchte rechts, Fußraumleuchte hinten links, Fußraumleuchte hinten	1521
rechts
33. Lampe für Beleuchtung des Schaltfeldausströmers links, Lampe für Beleuchtung des	1522
Schaltfeldausströmers Mitte, Lampe für Beleuchtung des Schaltfeldausströmers rechts, Lampe für
Beleuchtung des Fondausströmers
34. Steckdose, Zigarettenanzünder, 12-V-Steckdose, Zigarettenanzünder hinten, 12-V-Steckdose 2,	1523
USB-Ladesteckdose 1
35. Lampe für Aschenbeleuchtung hinten Mitte, Lampe für Ablagefachbeleuchtung, Lampe für	1524
Ablagefachbeleuchtung in Mittelkonsole hinten, Digitaluhr
36. Hochtonhorn, Tieftonhorn	1525
37. Lesespule für Wegfahrsicherung, Steuergerät für Wegfahrsicherung, Steuergerät für digitales	1526
Soundpaket, Steuergerät für Informationselektronik 1, Schalttafeleinsatz, Digitaluhr
38. Kühlmitteltemperaturanzeige, Temperaturfühler für Außentemperatur, Geber für	1527
Kühlmittelmangelanzeige, Scheiben-Waschwasserstandsgeber, Multifunktionsanzeige, Schalttafeleinsatz
39. Kontaktschalter für Motorhaube, Kontaktschalter 2 für Motorhaube, Geber für Bremsbelagverschleiß	1528
vorn rechts, Schalttafeleinsatz
40. Schalttafeleinsatz	1529
41. Schalttafeleinsatz	1530
42. Drehzahlmesser, Geschwindigkeitsmesser, Summer und Gong, Diagnose-Interface für Datenbus,	1531
Schalttafeleinsatz, Wegstreckenanzeige, Wählhebel-Positionsanzeige
43. Diagnose-Interface für Datenbus	1532
44. Diagnose-Interface für Datenbus	1533
45. Diagnose-Interface für Datenbus, Steckverbindung, 16-fach	1534
1.31 - 1,4l-Benzinmotor , CZDA (7L3)	1535-1558
1. 1,4-l-Benzinmotor , CZDA (7L3)	1535
2. Batterie, Anlasser, Steuergerät für Batterieüberwachung, Sicherungshalter A	1536
3. Drehstromgenerator mit Spannungsregler, Sicherungshalter A, Sicherungshalter B	1537
4. Hauptrelais, Sicherungshalter B	1538
5. Sicherungshalter B	1539
6. Startrelais 1, Startrelais 2, Sicherungshalter B	1540
7. Sicherungshalter B, Sicherungshalter C	1541
8. Motorsteuergerät, Hallgeber, Kühlmitteltemperaturgeber am Kühlerausgang, Hallgeber 3,	1542
Motorsteuergerät
9. Lambdasonde 1 nach Katalysator, Lambdasonde 1 vor Katalysator, Motorsteuergerät	1543
10. Gaspedalmodul, Kupplungspositionsgeber, Motorsteuergerät, Bremslichtschalter	1544
11. Motorsteuergerät	1545
12. Drosselklappensteuereinheit, Motorsteuergerät	1546
13. Kraftstoffpumpe 1, Kühlmittelpumpe, Motorsteuergerät	1547
14. Motorsteuergerät, Einspritzventil für Zylinder 1, Einspritzventil für Zylinder 2,	1548
Einspritzventil für Zylinder 3, Einspritzventil für Zylinder 4
15. Kraftstoffdruckgeber, Positionsgeber für Ladedrucksteller, Motorsteuergerät, Ladedrucksteller	1549
16. Saugrohrgeber, Ladedruckgeber, Motorsteuergerät	1550
17. Motorsteuergerät, Magnetventil 1 für Aktivkohlebehälter, Ventil 1 für Nockenwellenverstellung,	1551
Ventil 1 für Nockenwellenverstellung im Auslass, Ventil für Öldruckregelung
18. Motorsteuergerät, Regelventil für Kraftstoffdruck, Pumpe für Ladeluftkühlung	1552
19. Motorsteuergerät, Zündspule 1 mit Leistungsendstufe, Zündspule 2 mit Leistungsendstufe,	1553
Zündspule 3 mit Leistungsendstufe, Zündspule 4 mit Leistungsendstufe
